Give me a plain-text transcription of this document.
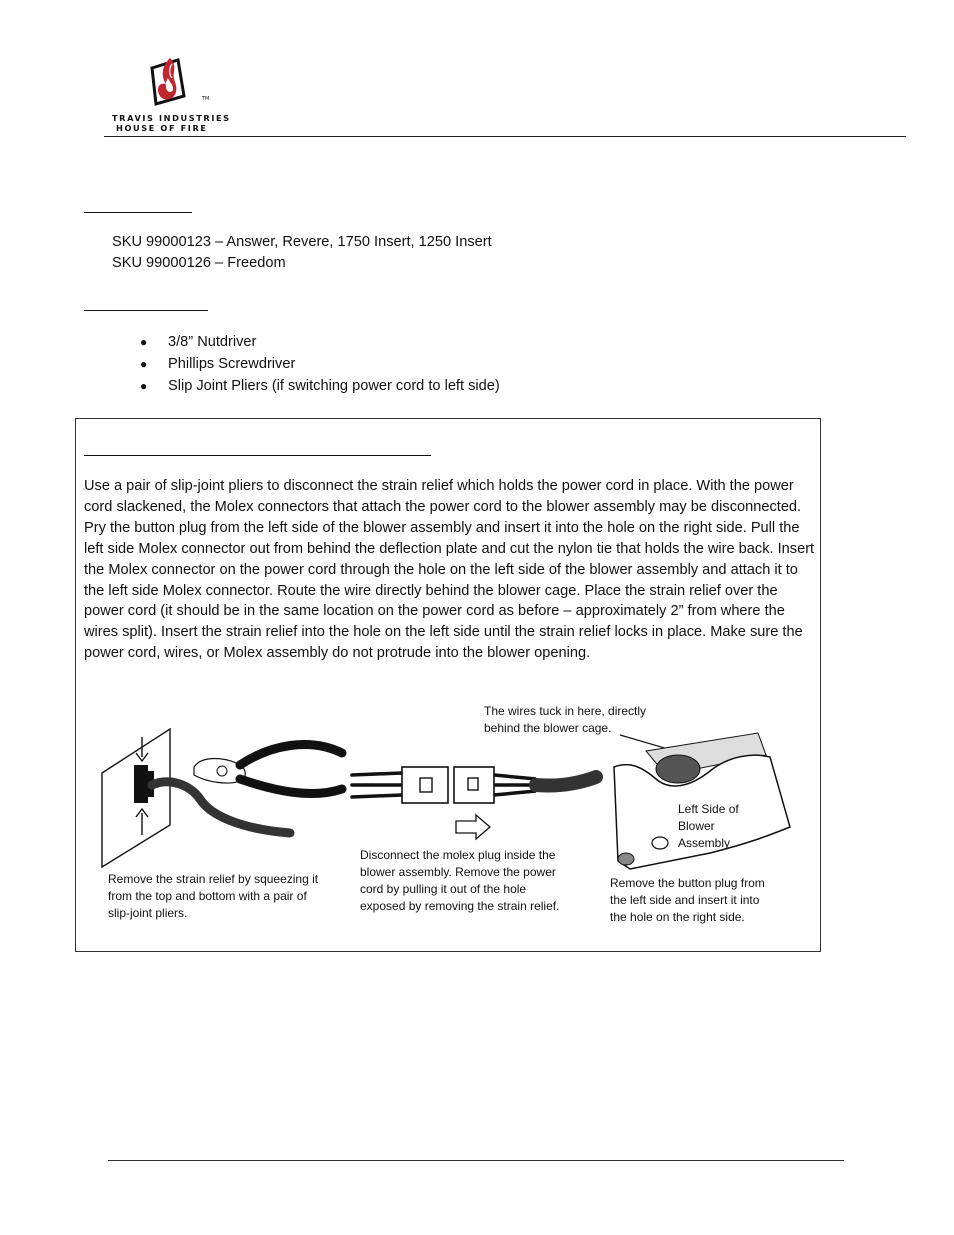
TM
TRAVIS INDUSTRIES
HOUSE OF FIRE
SKU 99000123 – Answer, Revere, 1750 Insert, 1250 Insert
SKU 99000126 – Freedom
● 3/8” Nutdriver
● Phillips Screwdriver
● Slip Joint Pliers (if switching power cord to left side)

Use a pair of slip-joint pliers to disconnect the strain relief which holds the power cord in place. With the power cord slackened, the Molex connectors that attach the power cord to the blower assembly may be disconnected. Pry the button plug from the left side of the blower assembly and insert it into the hole on the right side. Pull the left side Molex connector out from behind the deflection plate and cut the nylon tie that holds the wire back. Insert the Molex connector on the power cord through the hole on the left side of the blower assembly and attach it to the left side Molex connector. Route the wire directly behind the blower cage. Place the strain relief over the power cord (it should be in the same location on the power cord as before – approximately 2” from where the wires split). Insert the strain relief into the hole on the left side until the strain relief locks in place. Make sure the power cord, wires, or Molex assembly do not protrude into the blower opening.

Remove the strain relief by squeezing it
from the top and bottom with a pair of
slip-joint pliers.
Disconnect the molex plug inside the
blower assembly. Remove the power
cord by pulling it out of the hole
exposed by removing the strain relief.
The wires tuck in here, directly
behind the blower cage.
Left Side of
Blower
Assembly
Remove the button plug from
the left side and insert it into
the hole on the right side.
